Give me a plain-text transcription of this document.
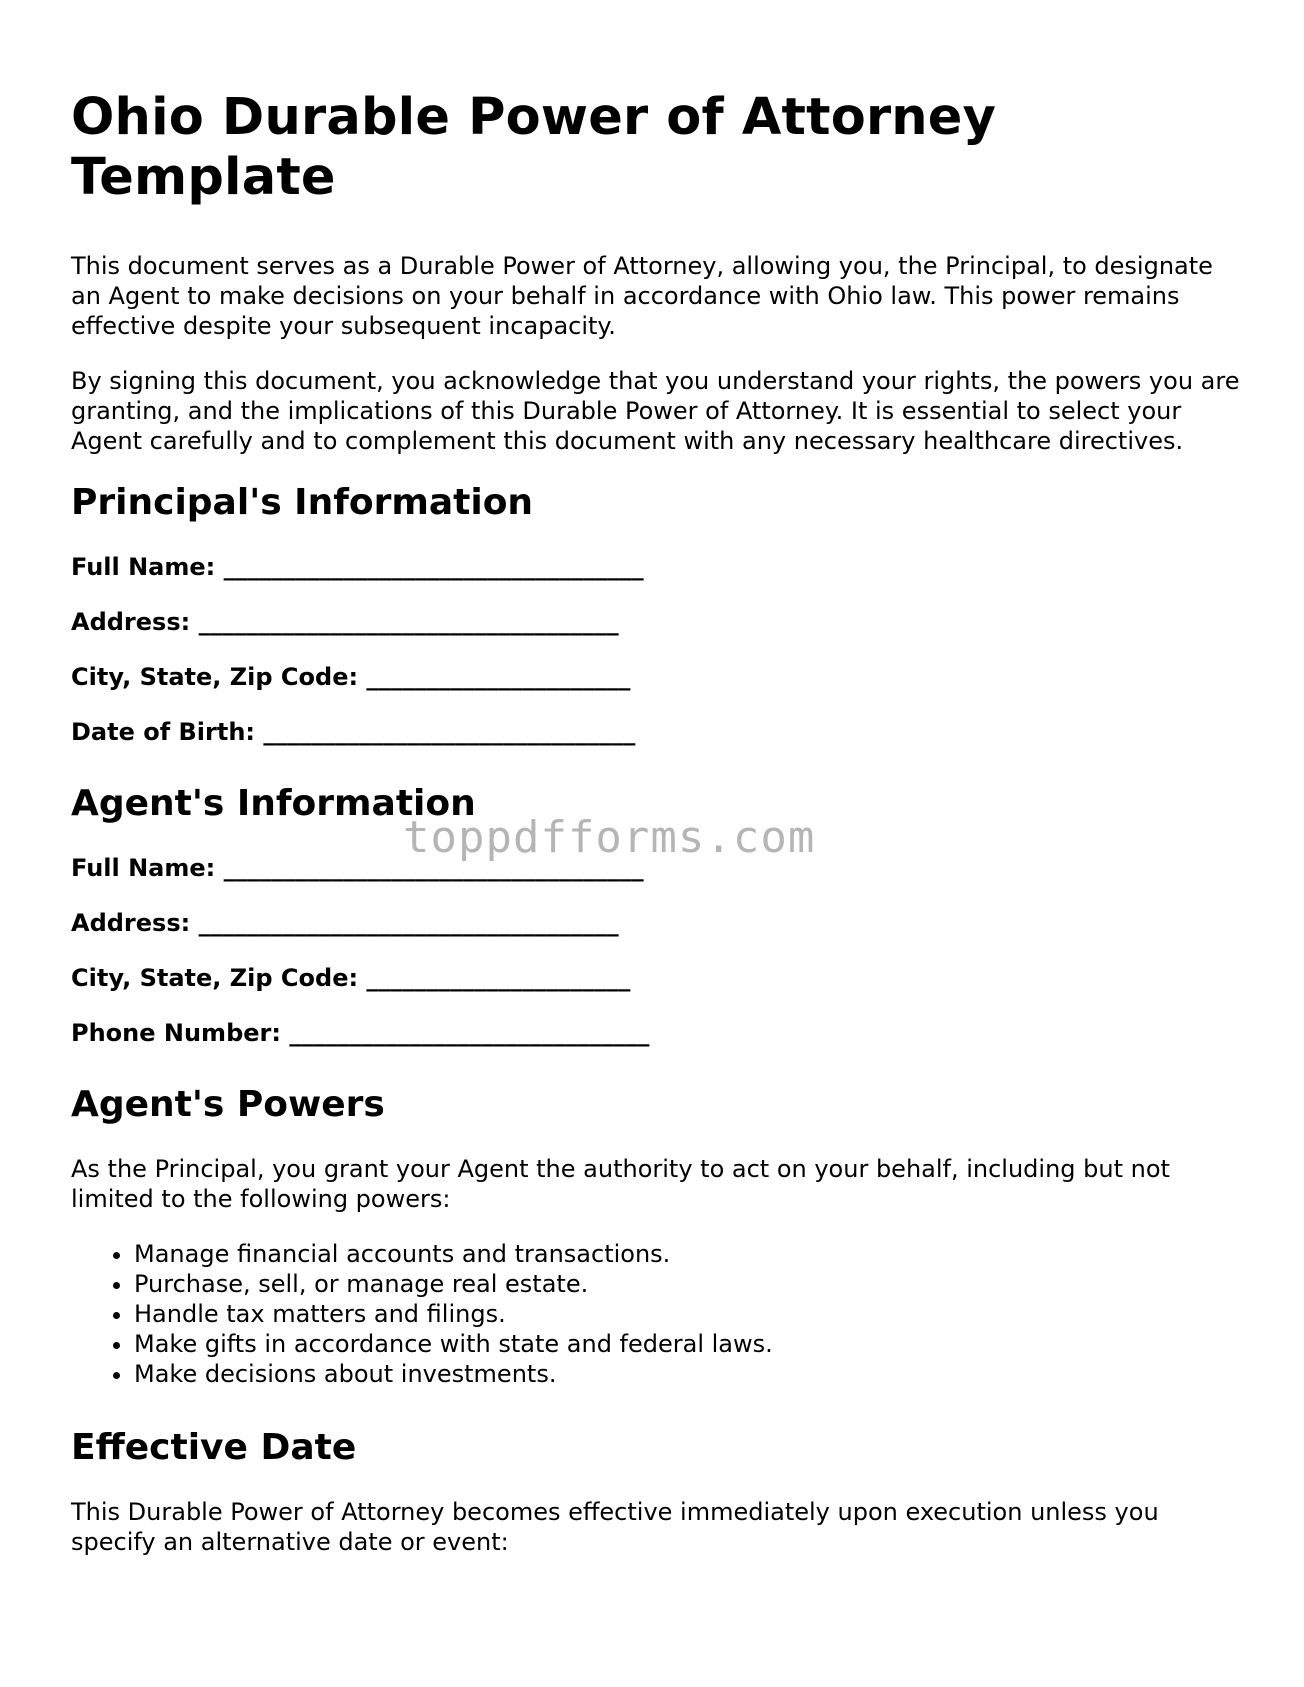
Ohio Durable Power of Attorney Template

This document serves as a Durable Power of Attorney, allowing you, the Principal, to designate an Agent to make decisions on your behalf in accordance with Ohio law. This power remains effective despite your subsequent incapacity.

By signing this document, you acknowledge that you understand your rights, the powers you are granting, and the implications of this Durable Power of Attorney. It is essential to select your Agent carefully and to complement this document with any necessary healthcare directives.

Principal's Information
Full Name: ___________________________________
Address: ___________________________________
City, State, Zip Code: ______________________
Date of Birth: _______________________________
Agent's Information
Full Name: ___________________________________
Address: ___________________________________
City, State, Zip Code: ______________________
Phone Number: ______________________________
Agent's Powers

As the Principal, you grant your Agent the authority to act on your behalf, including but not limited to the following powers:

• Manage financial accounts and transactions.
• Purchase, sell, or manage real estate.
• Handle tax matters and filings.
• Make gifts in accordance with state and federal laws.
• Make decisions about investments.
Effective Date

This Durable Power of Attorney becomes effective immediately upon execution unless you specify an alternative date or event:

toppdfforms.com
